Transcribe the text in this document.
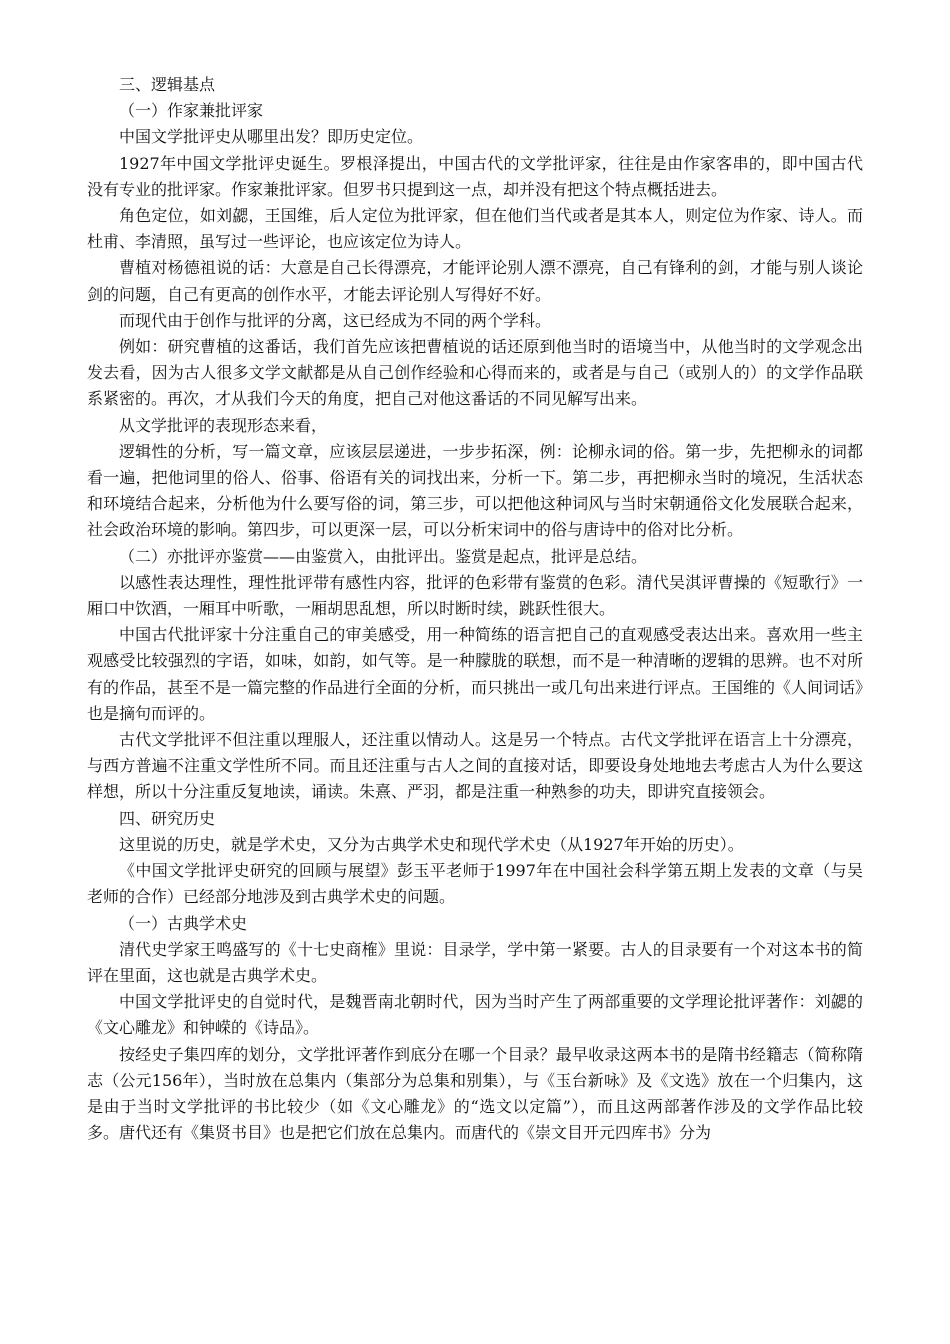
三、逻辑基点

（一）作家兼批评家

中国文学批评史从哪里出发？即历史定位。

1927年中国文学批评史诞生。罗根泽提出，中国古代的文学批评家，往往是由作家客串的，即中国古代没有专业的批评家。作家兼批评家。但罗书只提到这一点，却并没有把这个特点概括进去。

角色定位，如刘勰，王国维，后人定位为批评家，但在他们当代或者是其本人，则定位为作家、诗人。而杜甫、李清照，虽写过一些评论，也应该定位为诗人。

曹植对杨德祖说的话：大意是自己长得漂亮，才能评论别人漂不漂亮，自己有锋利的剑，才能与别人谈论剑的问题，自己有更高的创作水平，才能去评论别人写得好不好。

而现代由于创作与批评的分离，这已经成为不同的两个学科。

例如：研究曹植的这番话，我们首先应该把曹植说的话还原到他当时的语境当中，从他当时的文学观念出发去看，因为古人很多文学文献都是从自己创作经验和心得而来的，或者是与自己（或别人的）的文学作品联系紧密的。再次，才从我们今天的角度，把自己对他这番话的不同见解写出来。

从文学批评的表现形态来看，

逻辑性的分析，写一篇文章，应该层层递进，一步步拓深，例：论柳永词的俗。第一步，先把柳永的词都看一遍，把他词里的俗人、俗事、俗语有关的词找出来，分析一下。第二步，再把柳永当时的境况，生活状态和环境结合起来，分析他为什么要写俗的词，第三步，可以把他这种词风与当时宋朝通俗文化发展联合起来，社会政治环境的影响。第四步，可以更深一层，可以分析宋词中的俗与唐诗中的俗对比分析。

（二）亦批评亦鉴赏——由鉴赏入，由批评出。鉴赏是起点，批评是总结。

以感性表达理性，理性批评带有感性内容，批评的色彩带有鉴赏的色彩。清代吴淇评曹操的《短歌行》一厢口中饮酒，一厢耳中听歌，一厢胡思乱想，所以时断时续，跳跃性很大。

中国古代批评家十分注重自己的审美感受，用一种简练的语言把自己的直观感受表达出来。喜欢用一些主观感受比较强烈的字语，如味，如韵，如气等。是一种朦胧的联想，而不是一种清晰的逻辑的思辨。也不对所有的作品，甚至不是一篇完整的作品进行全面的分析，而只挑出一或几句出来进行评点。王国维的《人间词话》也是摘句而评的。

古代文学批评不但注重以理服人，还注重以情动人。这是另一个特点。古代文学批评在语言上十分漂亮，与西方普遍不注重文学性所不同。而且还注重与古人之间的直接对话，即要设身处地地去考虑古人为什么要这样想，所以十分注重反复地读，诵读。朱熹、严羽，都是注重一种熟参的功夫，即讲究直接领会。

四、研究历史

这里说的历史，就是学术史，又分为古典学术史和现代学术史（从1927年开始的历史）。

《中国文学批评史研究的回顾与展望》彭玉平老师于1997年在中国社会科学第五期上发表的文章（与吴老师的合作）已经部分地涉及到古典学术史的问题。

（一）古典学术史

清代史学家王鸣盛写的《十七史商榷》里说：目录学，学中第一紧要。古人的目录要有一个对这本书的简评在里面，这也就是古典学术史。

中国文学批评史的自觉时代，是魏晋南北朝时代，因为当时产生了两部重要的文学理论批评著作：刘勰的《文心雕龙》和钟嵘的《诗品》。

按经史子集四库的划分，文学批评著作到底分在哪一个目录？最早收录这两本书的是隋书经籍志（简称隋志（公元156年），当时放在总集内（集部分为总集和别集），与《玉台新咏》及《文选》放在一个归集内，这是由于当时文学批评的书比较少（如《文心雕龙》的“选文以定篇”），而且这两部著作涉及的文学作品比较多。唐代还有《集贤书目》也是把它们放在总集内。而唐代的《崇文目开元四库书》分为
